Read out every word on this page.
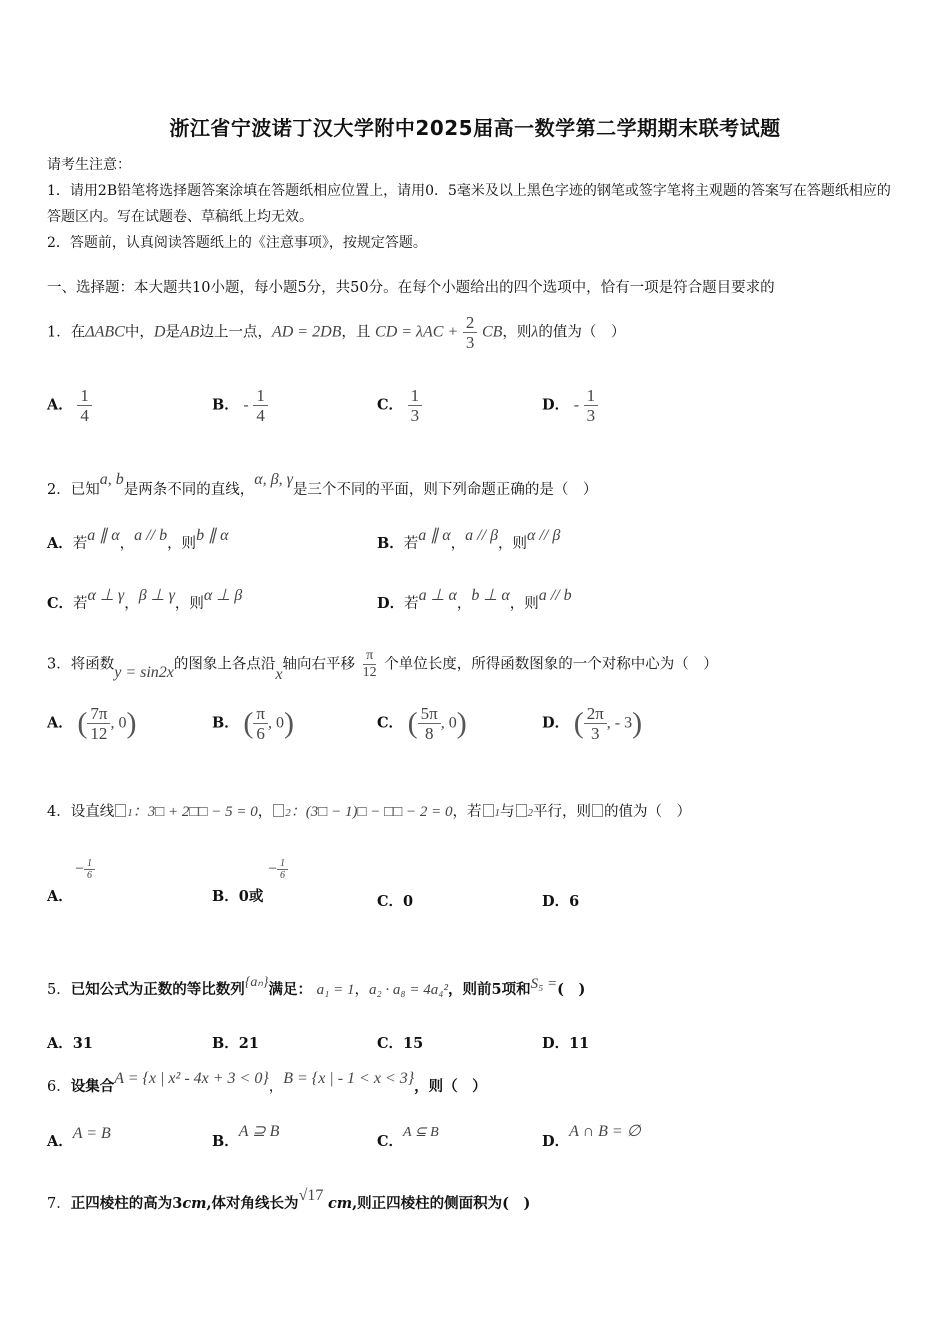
浙江省宁波诺丁汉大学附中2025届高一数学第二学期期末联考试题

请考生注意：

1．请用2B铅笔将选择题答案涂填在答题纸相应位置上，请用0．5毫米及以上黑色字迹的钢笔或签字笔将主观题的答案写在答题纸相应的答题区内。写在试题卷、草稿纸上均无效。

2．答题前，认真阅读答题纸上的《注意事项》，按规定答题。

一、选择题：本大题共10小题，每小题5分，共50分。在每个小题给出的四个选项中，恰有一项是符合题目要求的
1．在ΔABC中，D是AB边上一点，AD = 2DB，且 CD = $\lambda AC + \frac{2}{3}$ CB，则λ的值为（　）
A． $\frac{1}{4}$	B． - $\frac{1}{4}$	C． $\frac{1}{3}$	D． - $\frac{1}{3}$
2．已知a, b是两条不同的直线，α, β, γ是三个不同的平面，则下列命题正确的是（　）
A．若a ∥ α，a // b，则b ∥ α	B．若a ∥ α，a // β，则α // β
C．若α ⊥ γ，β ⊥ γ，则α ⊥ β	D．若a ⊥ α，b ⊥ α，则a // b
3．将函数y = sin2x的图象上各点沿x轴向右平移 $\frac{\pi}{12}$ 个单位长度，所得函数图象的一个对称中心为（　）
A． ( $\frac{7\pi}{12}$ , 0)	B． ( $\frac{\pi}{6}$ , 0)	C． ( $\frac{5\pi}{8}$ , 0)	D． ( $\frac{2\pi}{3}$ , - 3)
4．设直线 1：3□ + 2□□ − 5 = 0， 2：(3□ − 1)□ − □□ − 2 = 0，若 1与 2平行，则 的值为（　）
− $\frac{1}{6}$
A．
− $\frac{1}{6}$
B．0或	C．0	D．6
5．已知公式为正数的等比数列{aₙ}满足： a₁ = 1，a₂ · a₈ = 4a₄²，则前5项和S₅ =(　)
A．31	B．21	C．15	D．11
6．设集合A = {x | x² - 4x + 3 < 0}，B = {x | - 1 < x < 3}，则（　）
A．A = B	B．A ⊇ B
C．A ⊆ B
D．A ∩ B = ∅
7．正四棱柱的高为3cm,体对角线长为√17 cm,则正四棱柱的侧面积为(　)
